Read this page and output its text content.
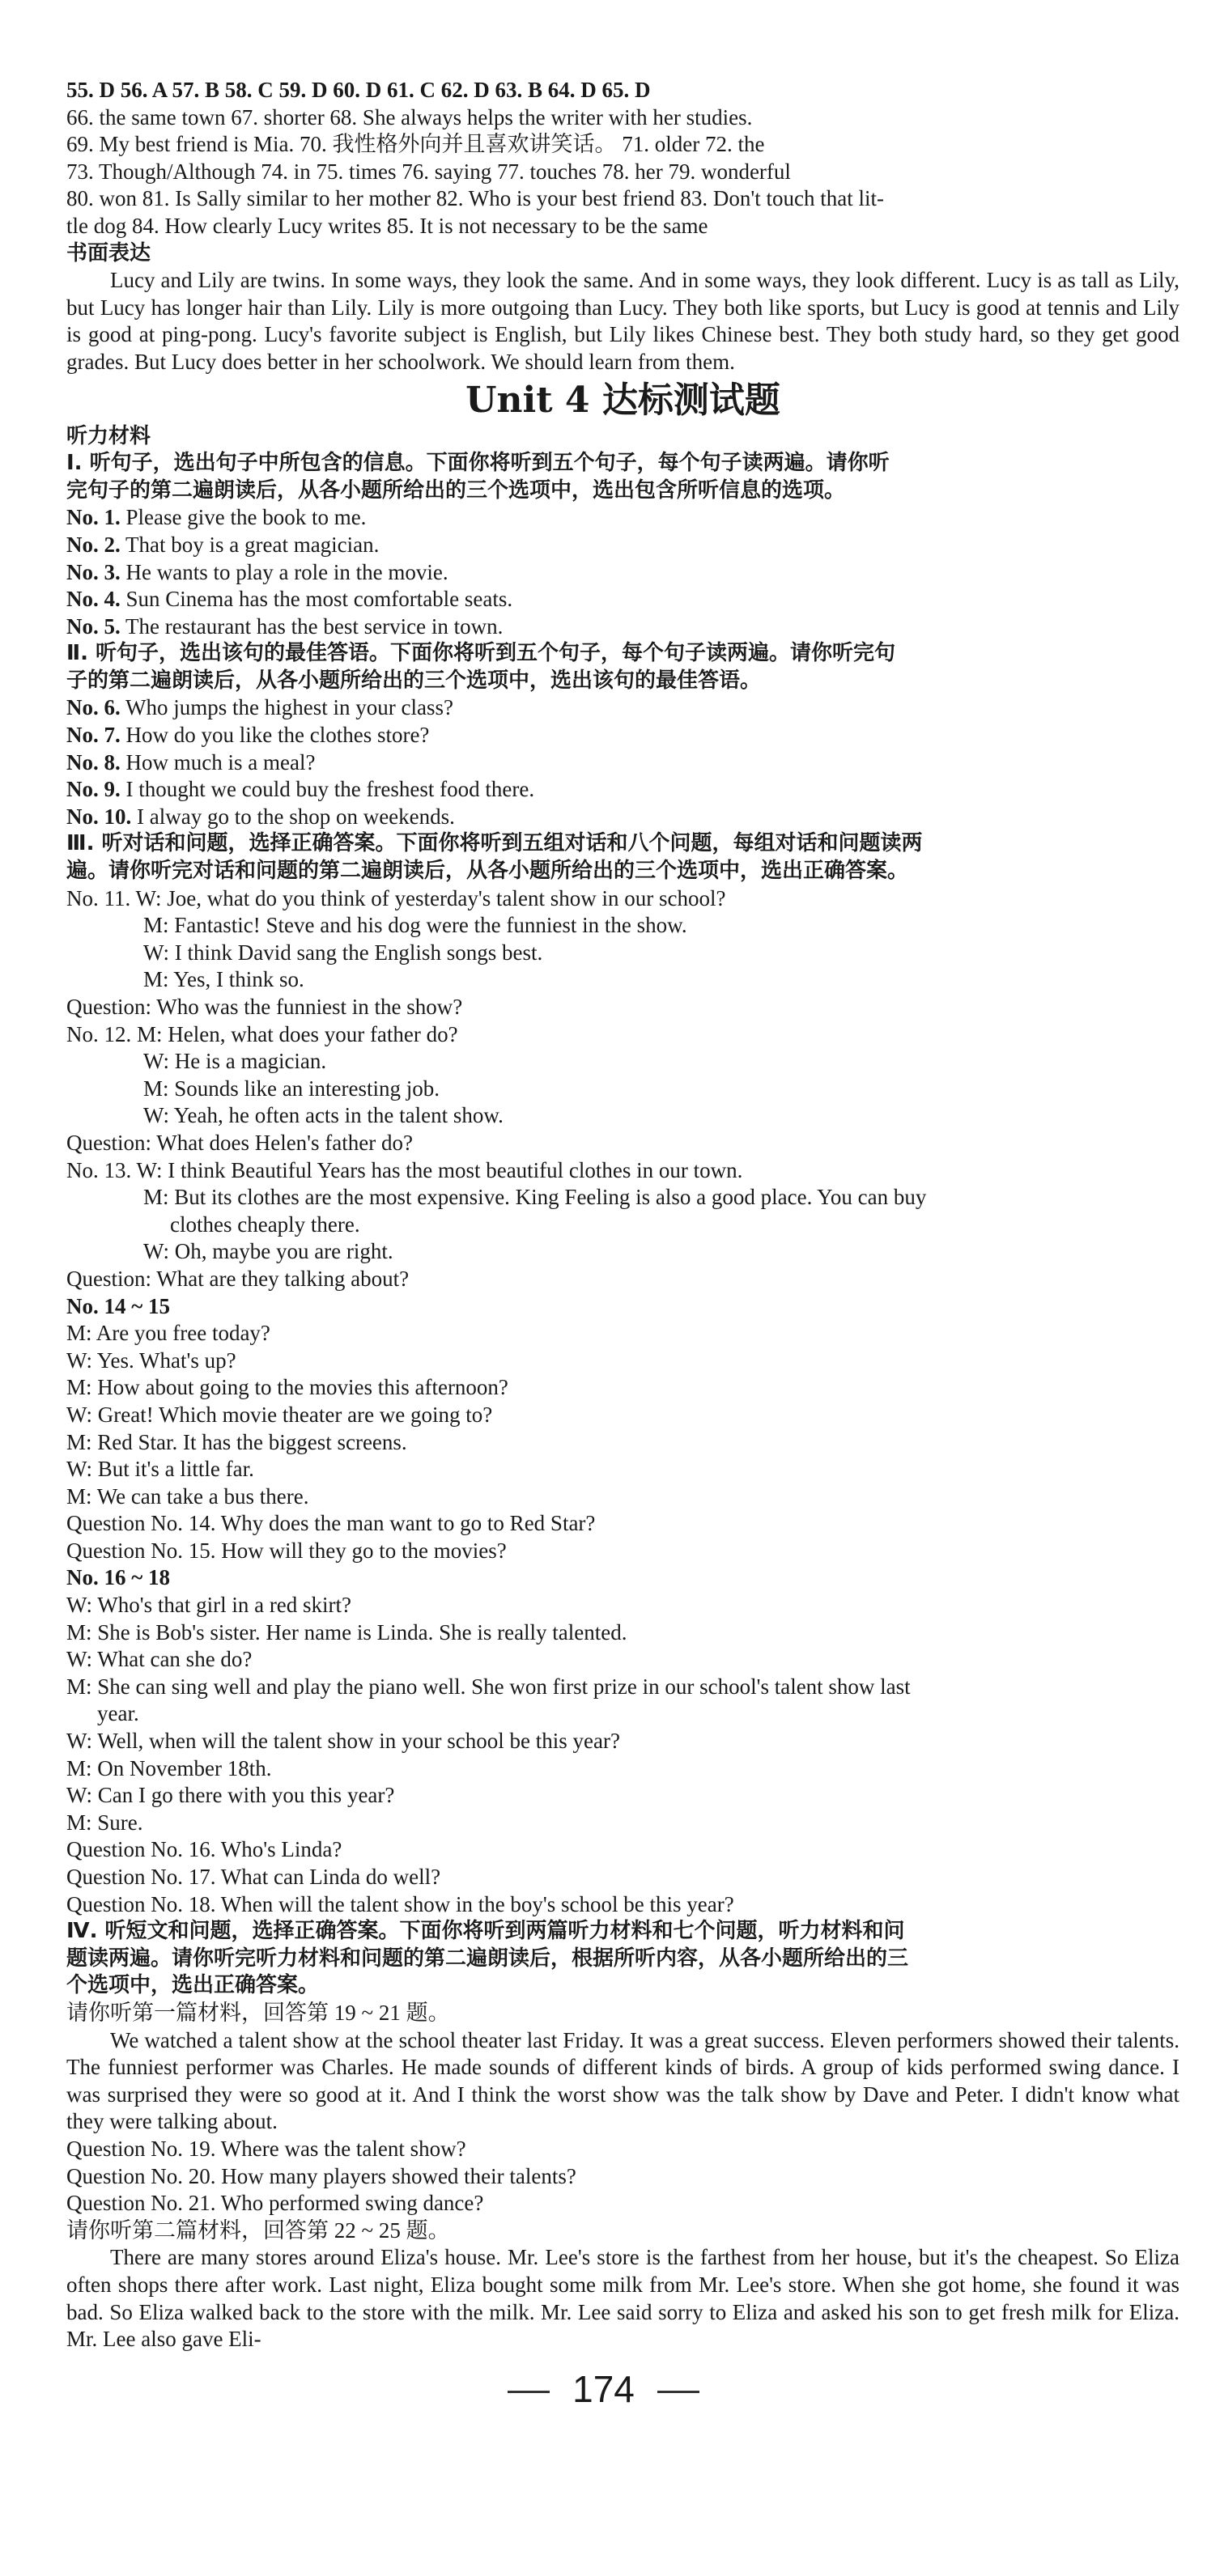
55. D 56. A 57. B 58. C 59. D 60. D 61. C 62. D 63. B 64. D 65. D
66. the same town 67. shorter 68. She always helps the writer with her studies.
69. My best friend is Mia. 70. 我性格外向并且喜欢讲笑话。 71. older 72. the
73. Though/Although 74. in 75. times 76. saying 77. touches 78. her 79. wonderful
80. won 81. Is Sally similar to her mother 82. Who is your best friend 83. Don't touch that lit-
tle dog 84. How clearly Lucy writes 85. It is not necessary to be the same
书面表达
Lucy and Lily are twins. In some ways, they look the same. And in some ways, they look different. Lucy is as tall as Lily, but Lucy has longer hair than Lily. Lily is more outgoing than Lucy. They both like sports, but Lucy is good at tennis and Lily is good at ping-pong. Lucy's favorite subject is English, but Lily likes Chinese best. They both study hard, so they get good grades. But Lucy does better in her schoolwork. We should learn from them.
Unit 4 达标测试题
听力材料
Ⅰ. 听句子，选出句子中所包含的信息。下面你将听到五个句子，每个句子读两遍。请你听
完句子的第二遍朗读后，从各小题所给出的三个选项中，选出包含所听信息的选项。
No. 1. Please give the book to me.
No. 2. That boy is a great magician.
No. 3. He wants to play a role in the movie.
No. 4. Sun Cinema has the most comfortable seats.
No. 5. The restaurant has the best service in town.
Ⅱ. 听句子，选出该句的最佳答语。下面你将听到五个句子，每个句子读两遍。请你听完句
子的第二遍朗读后，从各小题所给出的三个选项中，选出该句的最佳答语。
No. 6. Who jumps the highest in your class?
No. 7. How do you like the clothes store?
No. 8. How much is a meal?
No. 9. I thought we could buy the freshest food there.
No. 10. I alway go to the shop on weekends.
Ⅲ. 听对话和问题，选择正确答案。下面你将听到五组对话和八个问题，每组对话和问题读两
遍。请你听完对话和问题的第二遍朗读后，从各小题所给出的三个选项中，选出正确答案。
No. 11. W: Joe, what do you think of yesterday's talent show in our school?
M: Fantastic! Steve and his dog were the funniest in the show.
W: I think David sang the English songs best.
M: Yes, I think so.
Question: Who was the funniest in the show?
No. 12. M: Helen, what does your father do?
W: He is a magician.
M: Sounds like an interesting job.
W: Yeah, he often acts in the talent show.
Question: What does Helen's father do?
No. 13. W: I think Beautiful Years has the most beautiful clothes in our town.
M: But its clothes are the most expensive. King Feeling is also a good place. You can buy
clothes cheaply there.
W: Oh, maybe you are right.
Question: What are they talking about?
No. 14 ~ 15
M: Are you free today?
W: Yes. What's up?
M: How about going to the movies this afternoon?
W: Great! Which movie theater are we going to?
M: Red Star. It has the biggest screens.
W: But it's a little far.
M: We can take a bus there.
Question No. 14. Why does the man want to go to Red Star?
Question No. 15. How will they go to the movies?
No. 16 ~ 18
W: Who's that girl in a red skirt?
M: She is Bob's sister. Her name is Linda. She is really talented.
W: What can she do?
M: She can sing well and play the piano well. She won first prize in our school's talent show last
year.
W: Well, when will the talent show in your school be this year?
M: On November 18th.
W: Can I go there with you this year?
M: Sure.
Question No. 16. Who's Linda?
Question No. 17. What can Linda do well?
Question No. 18. When will the talent show in the boy's school be this year?
Ⅳ. 听短文和问题，选择正确答案。下面你将听到两篇听力材料和七个问题，听力材料和问
题读两遍。请你听完听力材料和问题的第二遍朗读后，根据所听内容，从各小题所给出的三
个选项中，选出正确答案。
请你听第一篇材料，回答第 19 ~ 21 题。
We watched a talent show at the school theater last Friday. It was a great success. Eleven performers showed their talents. The funniest performer was Charles. He made sounds of different kinds of birds. A group of kids performed swing dance. I was surprised they were so good at it. And I think the worst show was the talk show by Dave and Peter. I didn't know what they were talking about.
Question No. 19. Where was the talent show?
Question No. 20. How many players showed their talents?
Question No. 21. Who performed swing dance?
请你听第二篇材料，回答第 22 ~ 25 题。
There are many stores around Eliza's house. Mr. Lee's store is the farthest from her house, but it's the cheapest. So Eliza often shops there after work. Last night, Eliza bought some milk from Mr. Lee's store. When she got home, she found it was bad. So Eliza walked back to the store with the milk. Mr. Lee said sorry to Eliza and asked his son to get fresh milk for Eliza. Mr. Lee also gave Eli-
174
